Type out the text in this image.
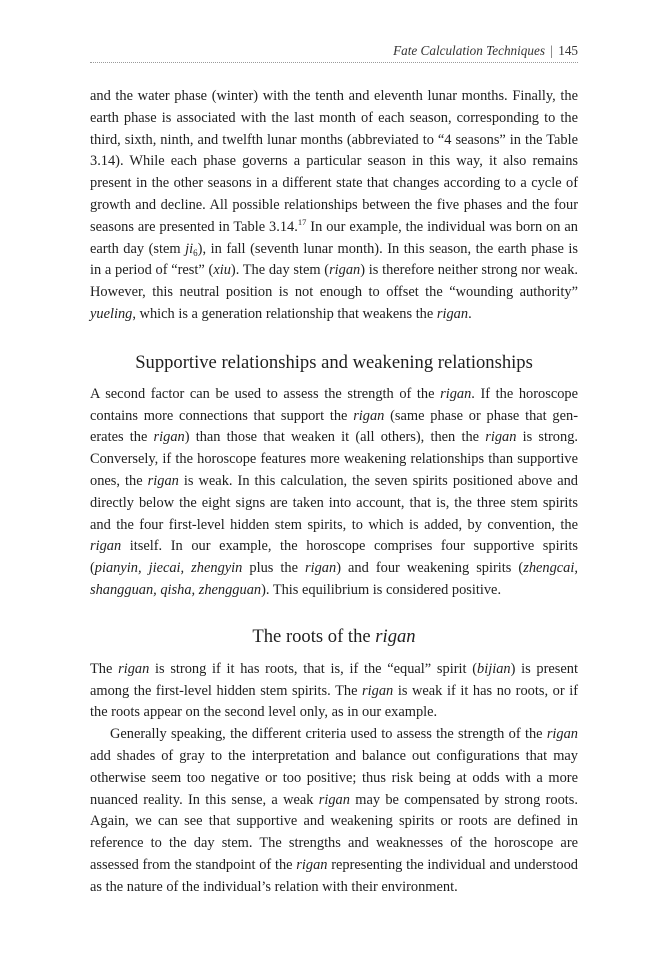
Fate Calculation Techniques | 145

and the water phase (winter) with the tenth and eleventh lunar months. Finally, the earth phase is associated with the last month of each season, corresponding to the third, sixth, ninth, and twelfth lunar months (abbreviated to “4 seasons” in the Table 3.14). While each phase governs a particular season in this way, it also remains present in the other seasons in a different state that changes according to a cycle of growth and decline. All possible relationships between the five phases and the four seasons are presented in Table 3.14.17 In our example, the individual was born on an earth day (stem $ji_6$), in fall (seventh lunar month). In this season, the earth phase is in a period of “rest” (xiu). The day stem (rigan) is therefore neither strong nor weak. However, this neutral position is not enough to offset the “wounding authority” yueling, which is a generation relationship that weakens the rigan.

Supportive relationships and weakening relationships

A second factor can be used to assess the strength of the rigan. If the horoscope contains more connections that support the rigan (same phase or phase that generates the rigan) than those that weaken it (all others), then the rigan is strong. Conversely, if the horoscope features more weakening relationships than supportive ones, the rigan is weak. In this calculation, the seven spirits positioned above and directly below the eight signs are taken into account, that is, the three stem spirits and the four first-level hidden stem spirits, to which is added, by convention, the rigan itself. In our example, the horoscope comprises four supportive spirits (pianyin, jiecai, zhengyin plus the rigan) and four weakening spirits (zhengcai, shangguan, qisha, zhengguan). This equilibrium is considered positive.

The roots of the rigan

The rigan is strong if it has roots, that is, if the “equal” spirit (bijian) is present among the first-level hidden stem spirits. The rigan is weak if it has no roots, or if the roots appear on the second level only, as in our example.

Generally speaking, the different criteria used to assess the strength of the rigan add shades of gray to the interpretation and balance out configurations that may otherwise seem too negative or too positive; thus risk being at odds with a more nuanced reality. In this sense, a weak rigan may be compensated by strong roots. Again, we can see that supportive and weakening spirits or roots are defined in reference to the day stem. The strengths and weaknesses of the horoscope are assessed from the standpoint of the rigan representing the individual and understood as the nature of the individual’s relation with their environment.
